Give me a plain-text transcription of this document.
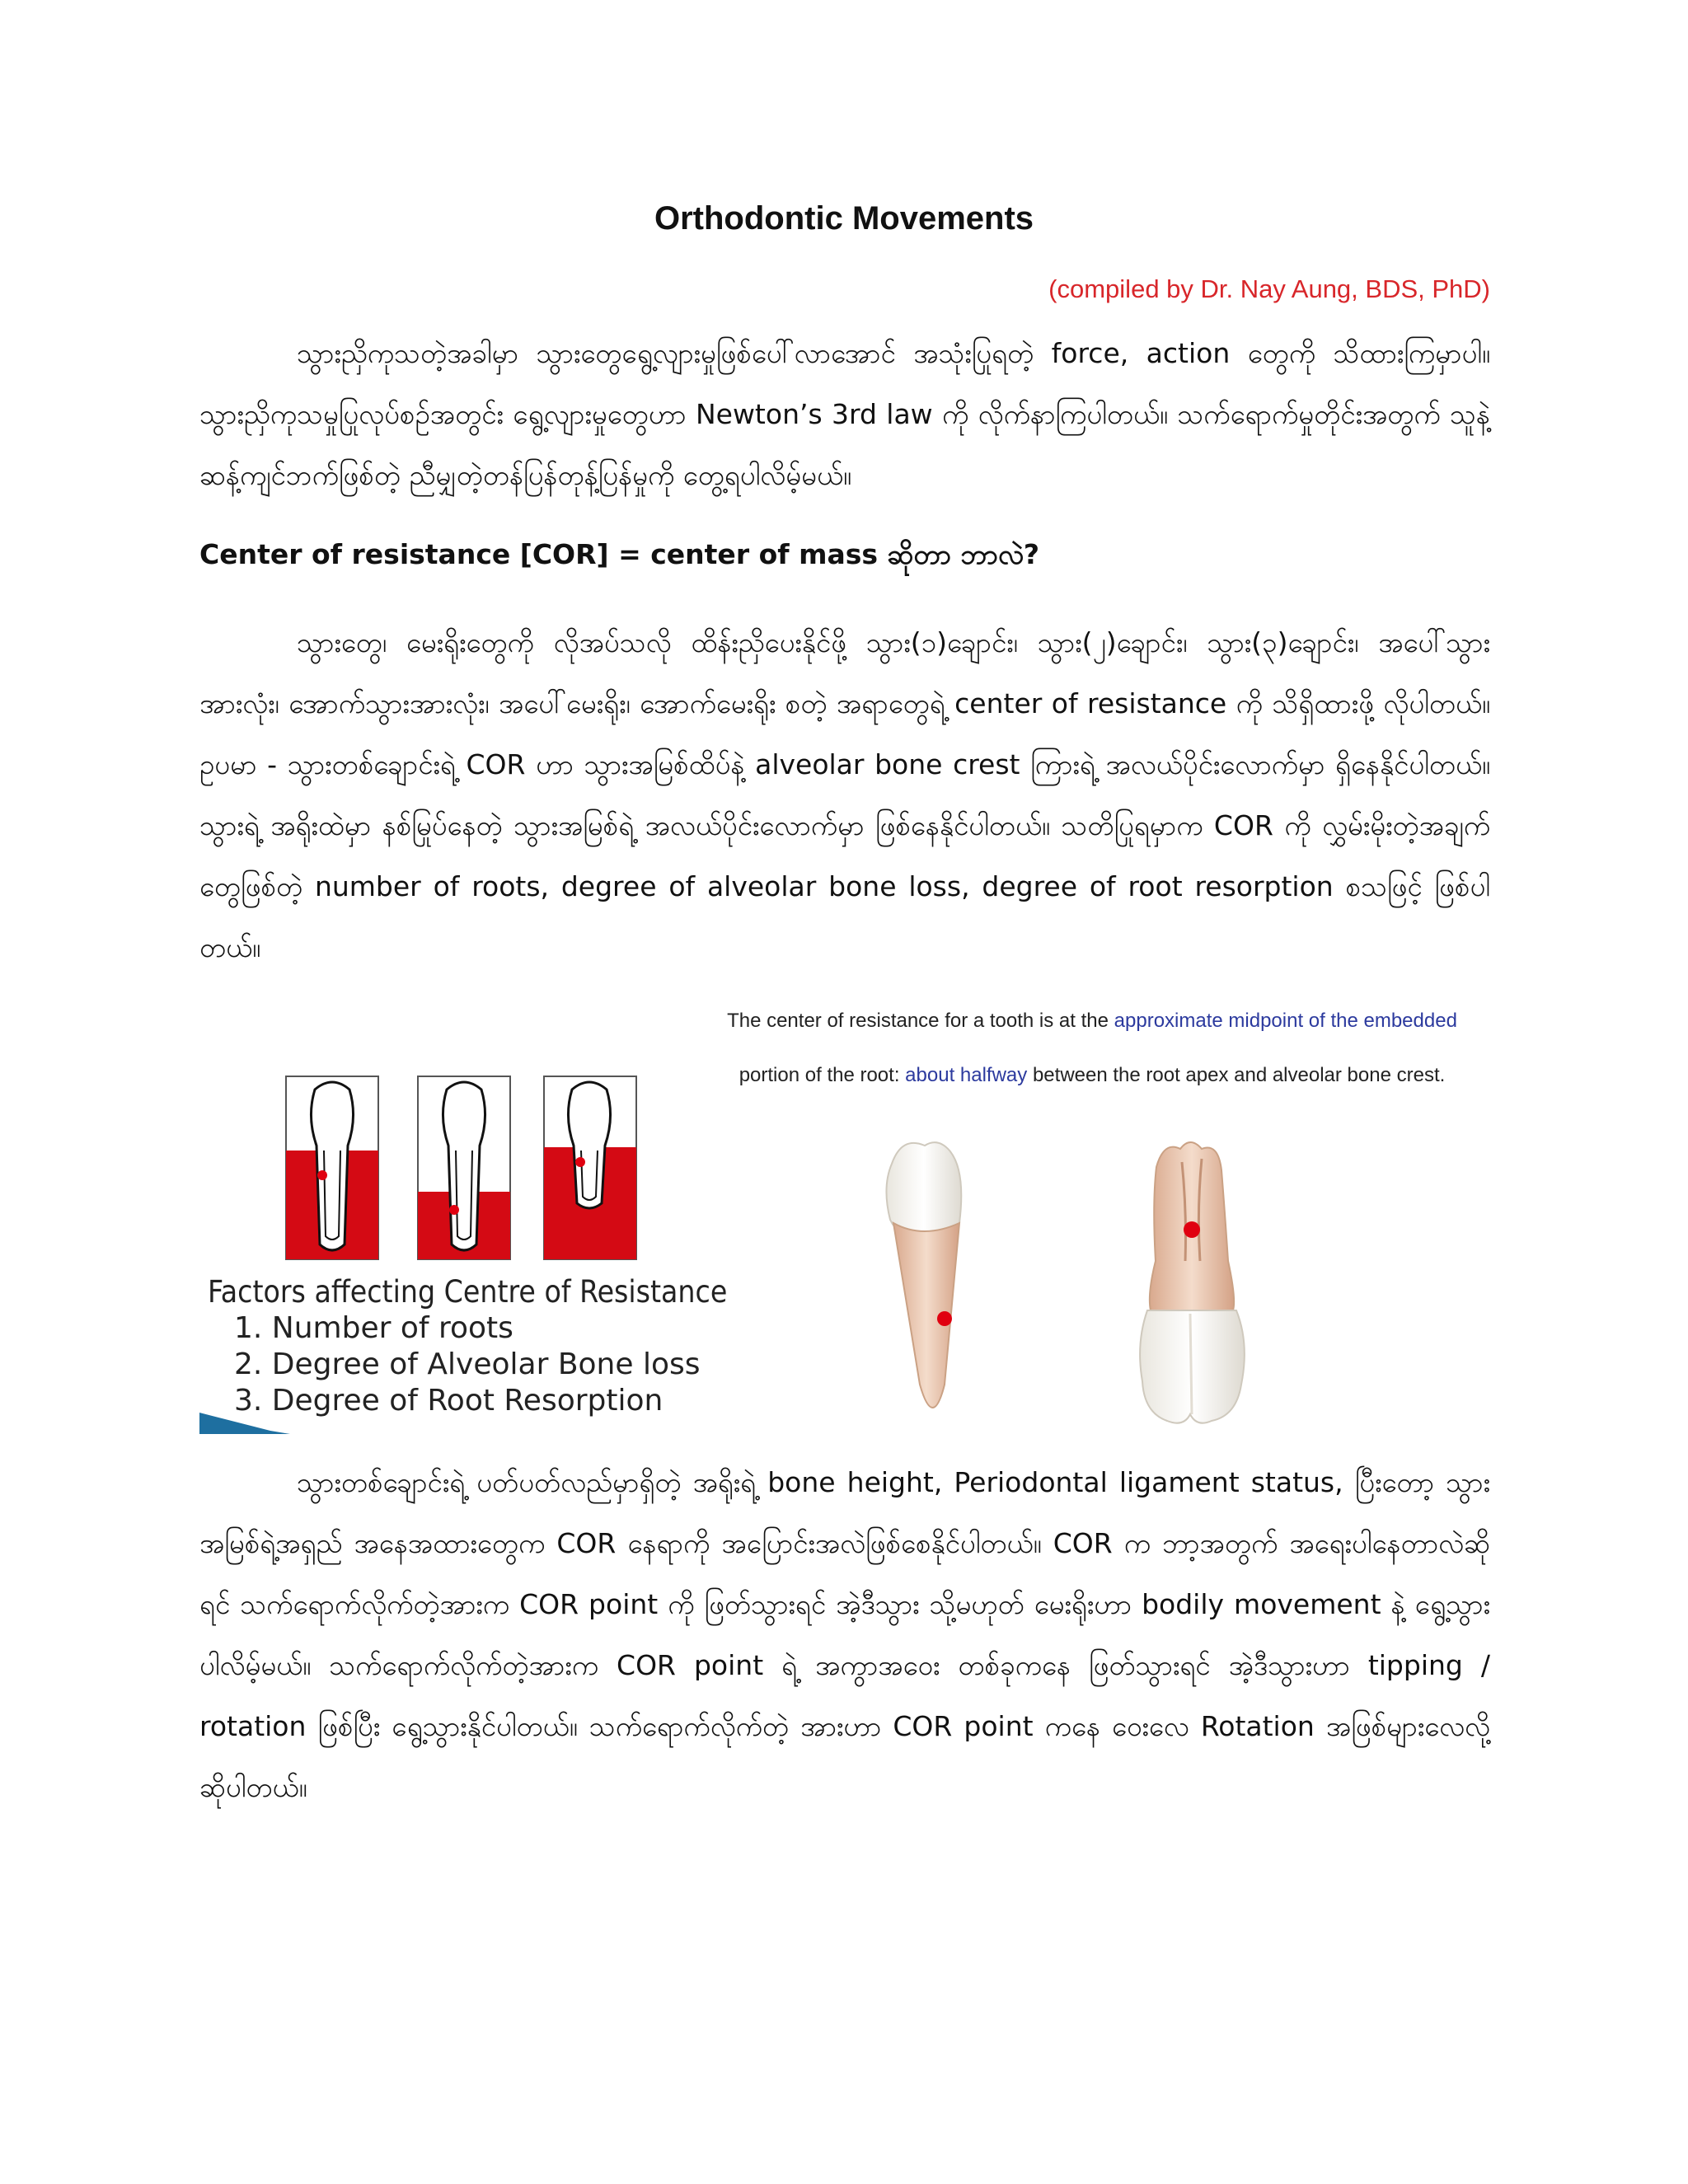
Orthodontic Movements
(compiled by Dr. Nay Aung, BDS, PhD)

သွားညှိကုသတဲ့အခါမှာ သွားတွေရွေ့လျားမှုဖြစ်ပေါ်လာအောင် အသုံးပြုရတဲ့ force, action တွေကို သိထားကြမှာပါ။ သွားညှိကုသမှုပြုလုပ်စဉ်အတွင်း ရွေ့လျားမှုတွေဟာ Newton’s 3rd law ကို လိုက်နာကြပါတယ်။ သက်ရောက်မှုတိုင်းအတွက် သူနဲ့ဆန့်ကျင်ဘက်ဖြစ်တဲ့ ညီမျှတဲ့တန်ပြန်တုန့်ပြန်မှုကို တွေ့ရပါလိမ့်မယ်။

Center of resistance [COR] = center of mass ဆိုတာ ဘာလဲ?

သွားတွေ၊ မေးရိုးတွေကို လိုအပ်သလို ထိန်းညှိပေးနိုင်ဖို့ သွား(၁)ချောင်း၊ သွား(၂)ချောင်း၊ သွား(၃)ချောင်း၊ အပေါ်သွားအားလုံး၊ အောက်သွားအားလုံး၊ အပေါ်မေးရိုး၊ အောက်မေးရိုး စတဲ့ အရာတွေရဲ့ center of resistance ကို သိရှိထားဖို့ လိုပါတယ်။ ဥပမာ - သွားတစ်ချောင်းရဲ့ COR ဟာ သွားအမြစ်ထိပ်နဲ့ alveolar bone crest ကြားရဲ့ အလယ်ပိုင်းလောက်မှာ ရှိနေနိုင်ပါတယ်။ သွားရဲ့ အရိုးထဲမှာ နစ်မြုပ်နေတဲ့ သွားအမြစ်ရဲ့ အလယ်ပိုင်းလောက်မှာ ဖြစ်နေနိုင်ပါတယ်။ သတိပြုရမှာက COR ကို လွှမ်းမိုးတဲ့အချက်တွေဖြစ်တဲ့ number of roots, degree of alveolar bone loss, degree of root resorption စသဖြင့် ဖြစ်ပါတယ်။

Factors affecting Centre of Resistance
1. Number of roots
2. Degree of Alveolar Bone loss
3. Degree of Root Resorption
The center of resistance for a tooth is at the approximate midpoint of the embedded
portion of the root: about halfway between the root apex and alveolar bone crest.

သွားတစ်ချောင်းရဲ့ ပတ်ပတ်လည်မှာရှိတဲ့ အရိုးရဲ့ bone height, Periodontal ligament status, ပြီးတော့ သွားအမြစ်ရဲ့အရှည် အနေအထားတွေက COR နေရာကို အပြောင်းအလဲဖြစ်စေနိုင်ပါတယ်။ COR က ဘာ့အတွက် အရေးပါနေတာလဲဆိုရင် သက်ရောက်လိုက်တဲ့အားက COR point ကို ဖြတ်သွားရင် အဲ့ဒီသွား သို့မဟုတ် မေးရိုးဟာ bodily movement နဲ့ ရွေ့သွားပါလိမ့်မယ်။ သက်ရောက်လိုက်တဲ့အားက COR point ရဲ့ အကွာအဝေး တစ်ခုကနေ ဖြတ်သွားရင် အဲ့ဒီသွားဟာ tipping / rotation ဖြစ်ပြီး ရွေ့သွားနိုင်ပါတယ်။ သက်ရောက်လိုက်တဲ့ အားဟာ COR point ကနေ ဝေးလေ Rotation အဖြစ်များလေလို့ ဆိုပါတယ်။
